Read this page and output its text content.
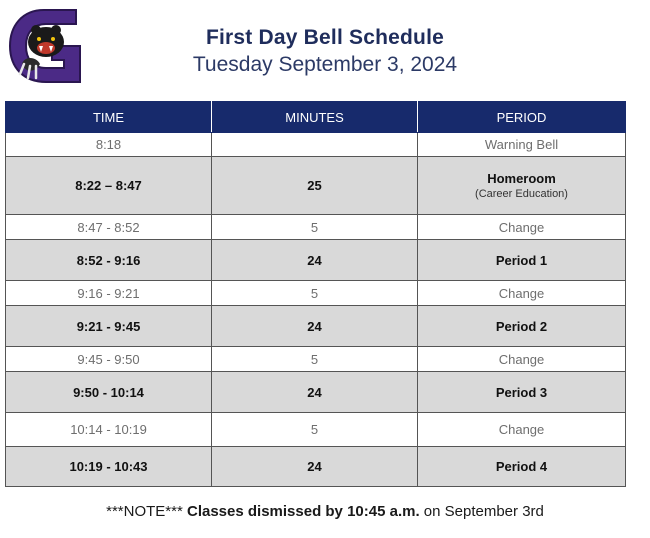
First Day Bell Schedule
Tuesday September 3, 2024
TIME	MINUTES	PERIOD
8:18		Warning Bell
8:22 – 8:47	25	Homeroom
(Career Education)

8:47 - 8:52	5	Change
8:52 - 9:16	24	Period 1
9:16 - 9:21	5	Change
9:21 - 9:45	24	Period 2
9:45 - 9:50	5	Change
9:50 - 10:14	24	Period 3
10:14 - 10:19	5	Change
10:19 - 10:43	24	Period 4
***NOTE*** Classes dismissed by 10:45 a.m. on September 3rd
